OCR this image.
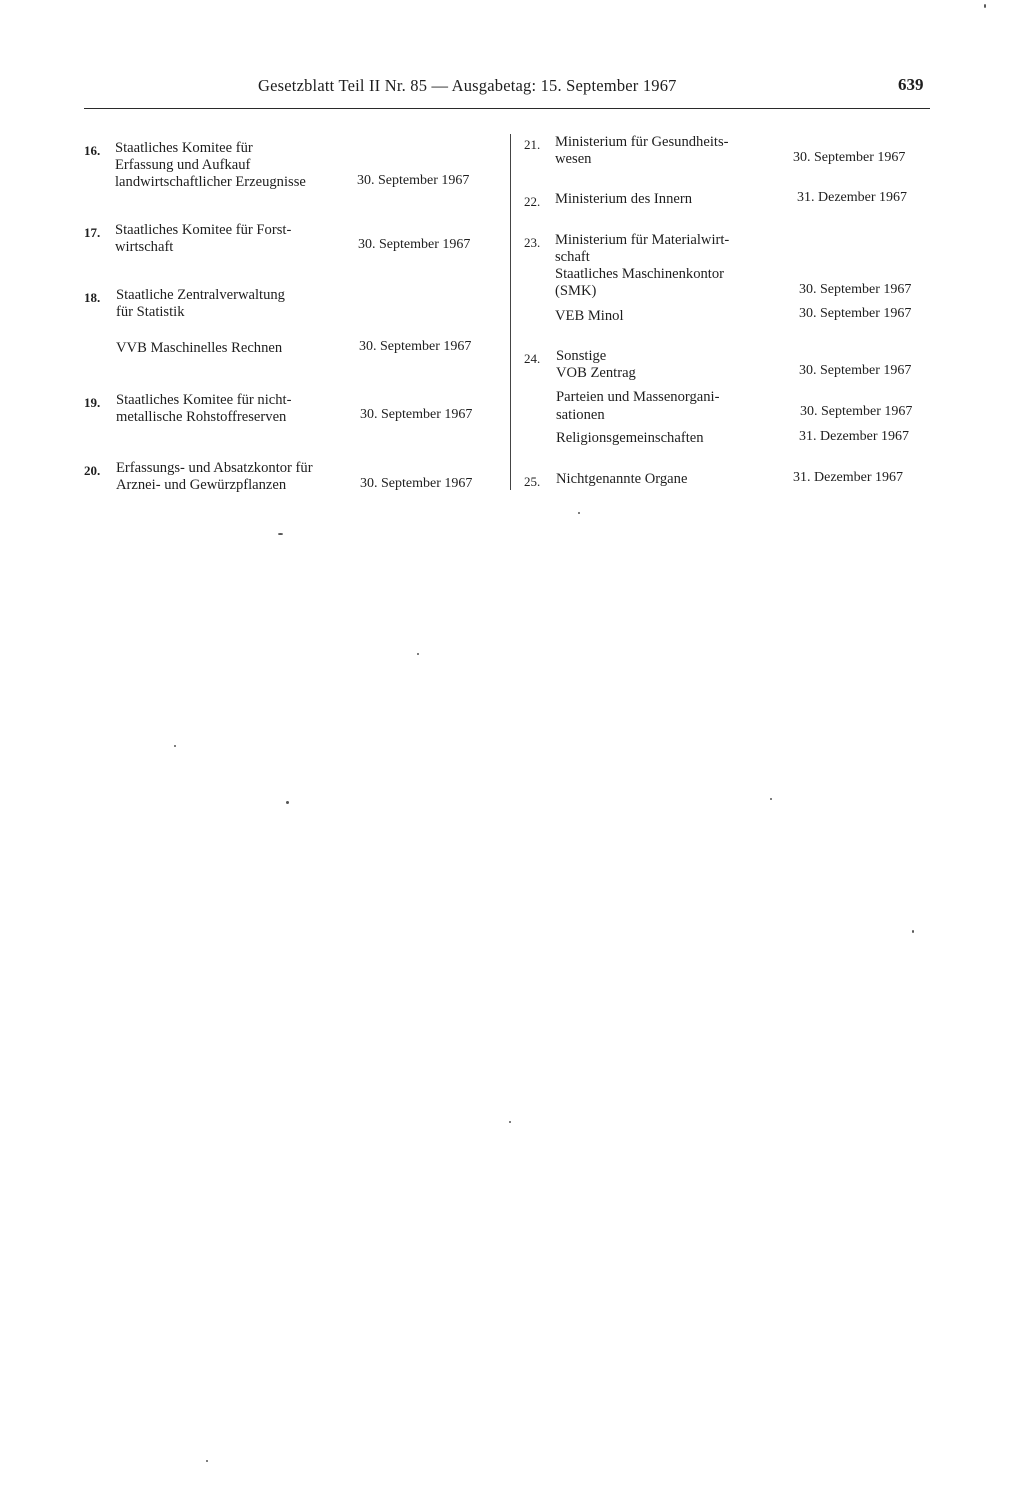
Gesetzblatt Teil II Nr. 85 — Ausgabetag: 15. September 1967	639
16. Staatliches Komitee für
Erfassung und Aufkauf
landwirtschaftlicher Erzeugnisse	30. September 1967
17. Staatliches Komitee für Forst-
wirtschaft	30. September 1967
18. Staatliche Zentralverwaltung
für Statistik
VVB Maschinelles Rechnen	30. September 1967
19. Staatliches Komitee für nicht-
metallische Rohstoffreserven	30. September 1967
20. Erfassungs- und Absatzkontor für
Arznei- und Gewürzpflanzen	30. September 1967
21. Ministerium für Gesundheits-
wesen	30. September 1967
22. Ministerium des Innern	31. Dezember 1967
23. Ministerium für Materialwirt-
schaft
Staatliches Maschinenkontor
(SMK)	30. September 1967
VEB Minol	30. September 1967
24. Sonstige
VOB Zentrag	30. September 1967
Parteien und Massenorgani-
sationen	30. September 1967
Religionsgemeinschaften	31. Dezember 1967
25. Nichtgenannte Organe	31. Dezember 1967
